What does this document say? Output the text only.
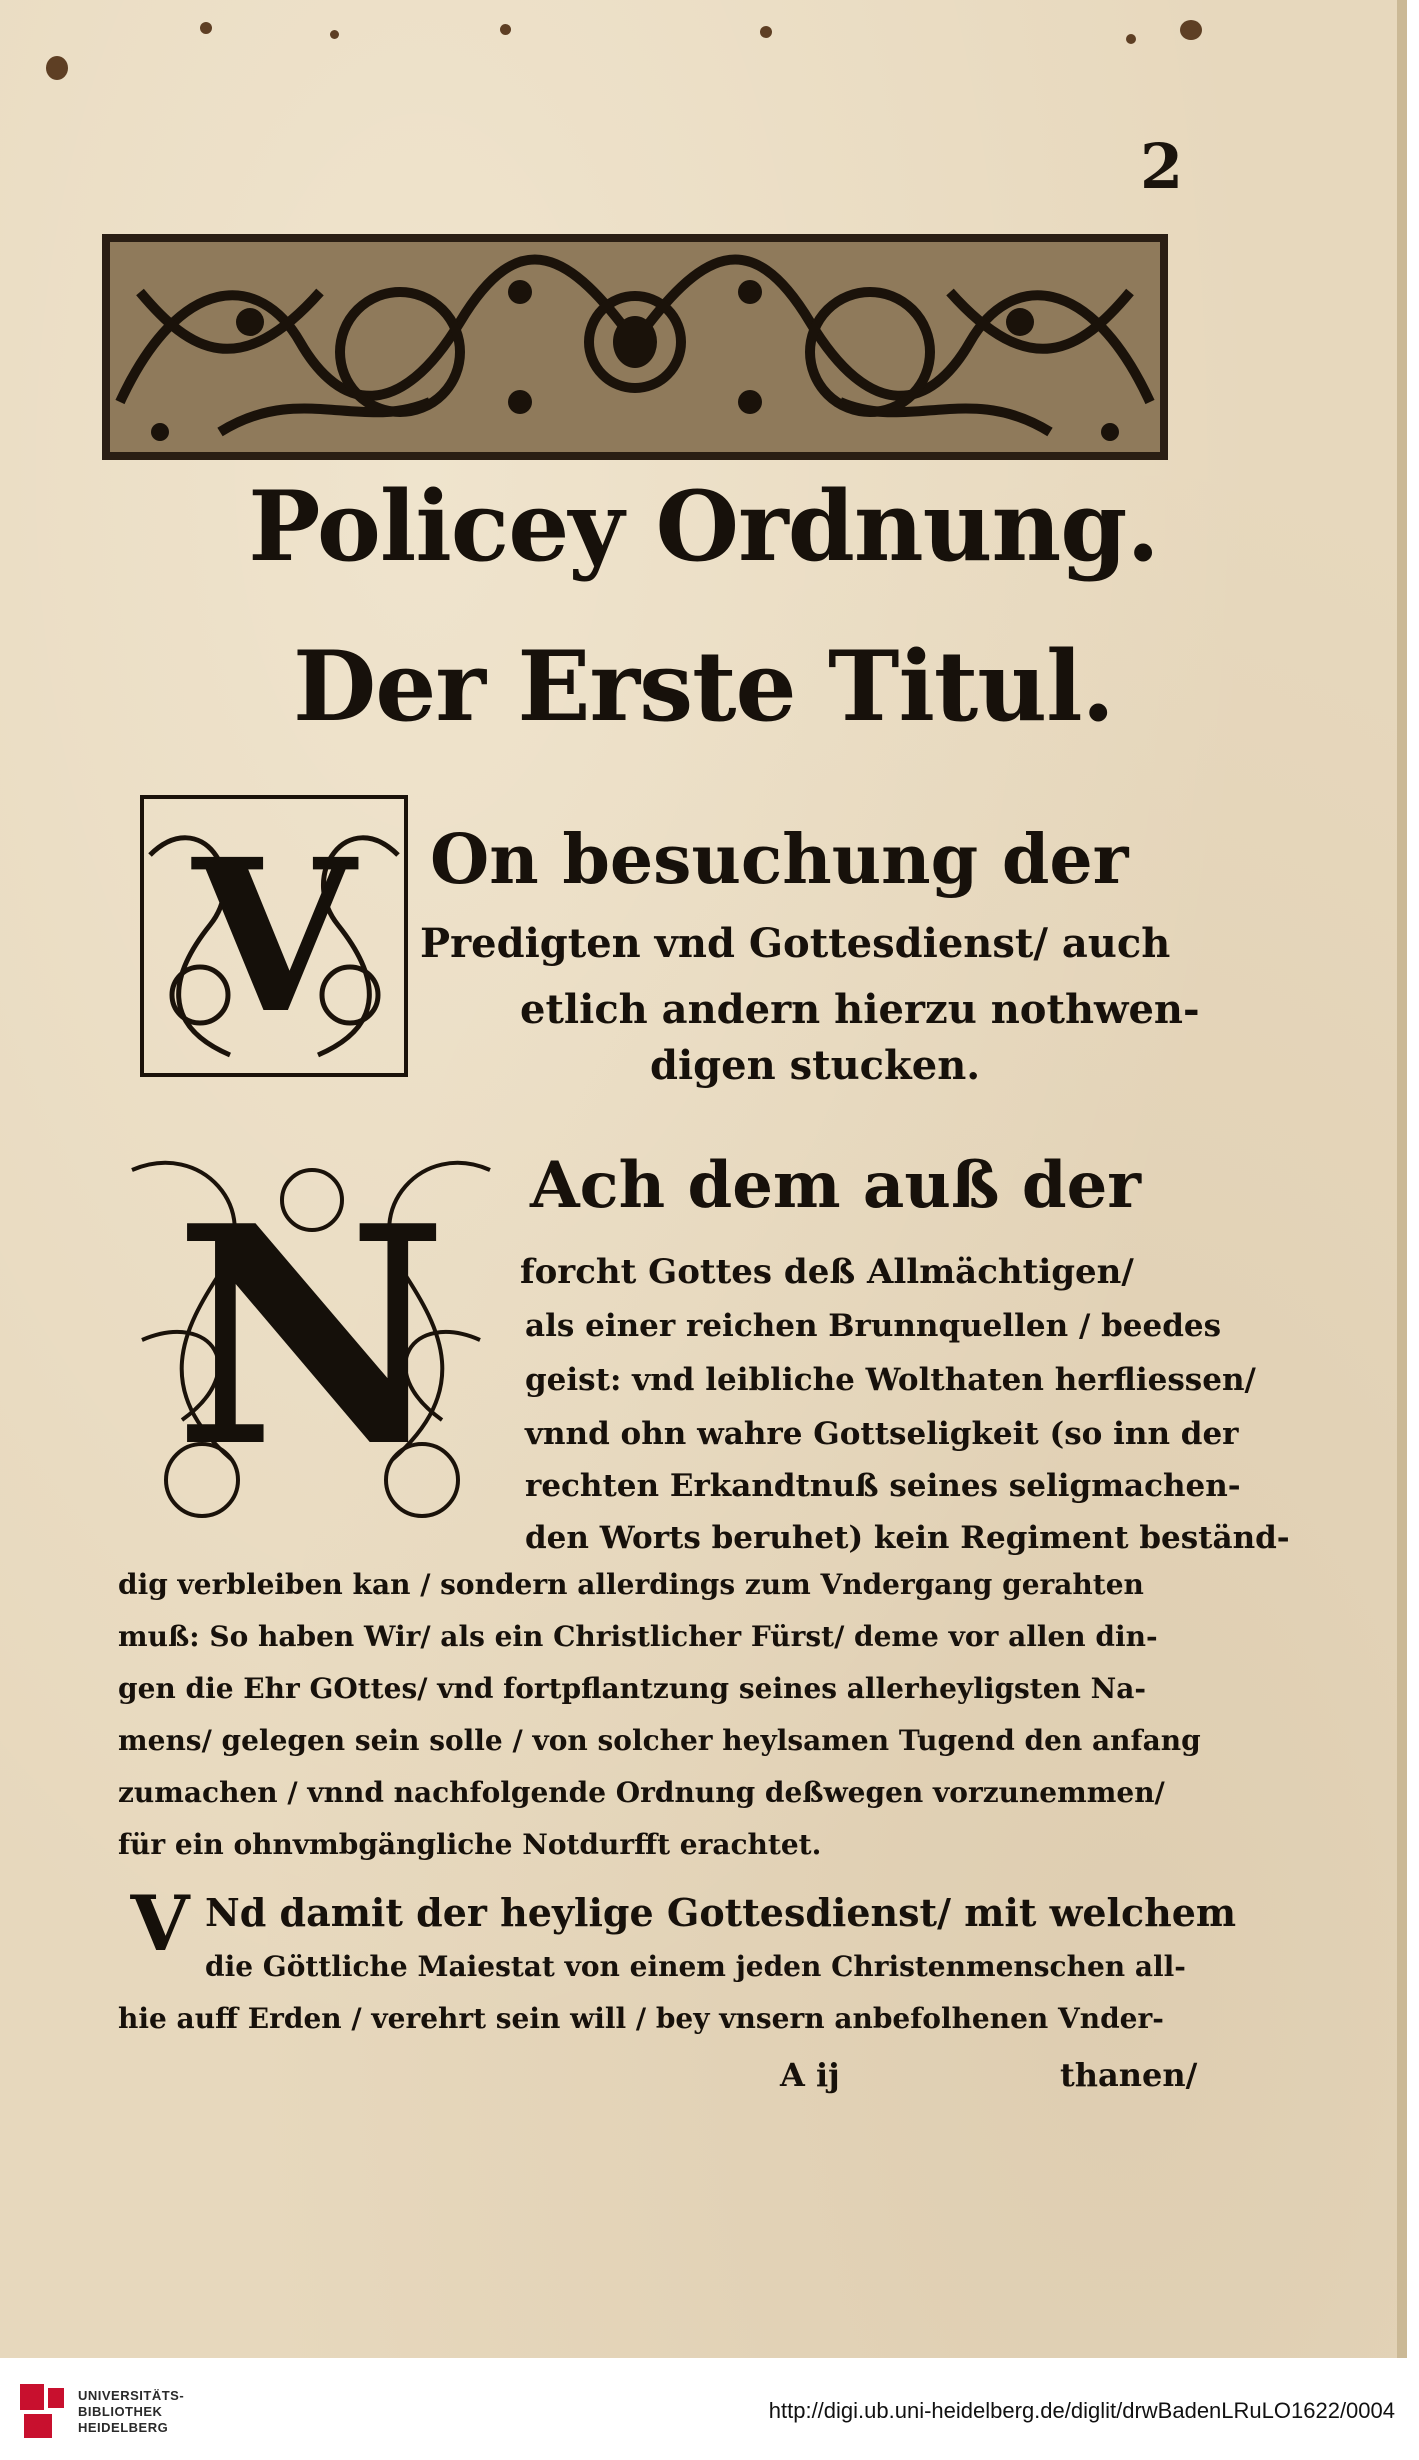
2
Policey Ordnung.
Der Erste Titul.
V	On besuchung der
Predigten vnd Gottesdienst/ auch
etlich andern hierzu nothwen-
digen stucken.
N	Ach dem auß der
forcht Gottes deß Allmächtigen/
als einer reichen Brunnquellen / beedes
geist: vnd leibliche Wolthaten herfliessen/
vnnd ohn wahre Gottseligkeit (so inn der
rechten Erkandtnuß seines seligmachen-
den Worts beruhet) kein Regiment beständ-
dig verbleiben kan / sondern allerdings zum Vndergang gerahten
muß: So haben Wir/ als ein Christlicher Fürst/ deme vor allen din-
gen die Ehr GOttes/ vnd fortpflantzung seines allerheyligsten Na-
mens/ gelegen sein solle / von solcher heylsamen Tugend den anfang
zumachen / vnnd nachfolgende Ordnung deßwegen vorzunemmen/
für ein ohnvmbgängliche Notdurfft erachtet.
V Nd damit der heylige Gottesdienst/ mit welchem
die Göttliche Maiestat von einem jeden Christenmenschen all-
hie auff Erden / verehrt sein will / bey vnsern anbefolhenen Vnder-
A ij	thanen/
UNIVERSITÄTS-
BIBLIOTHEK
HEIDELBERG
http://digi.ub.uni-heidelberg.de/diglit/drwBadenLRuLO1622/0004
